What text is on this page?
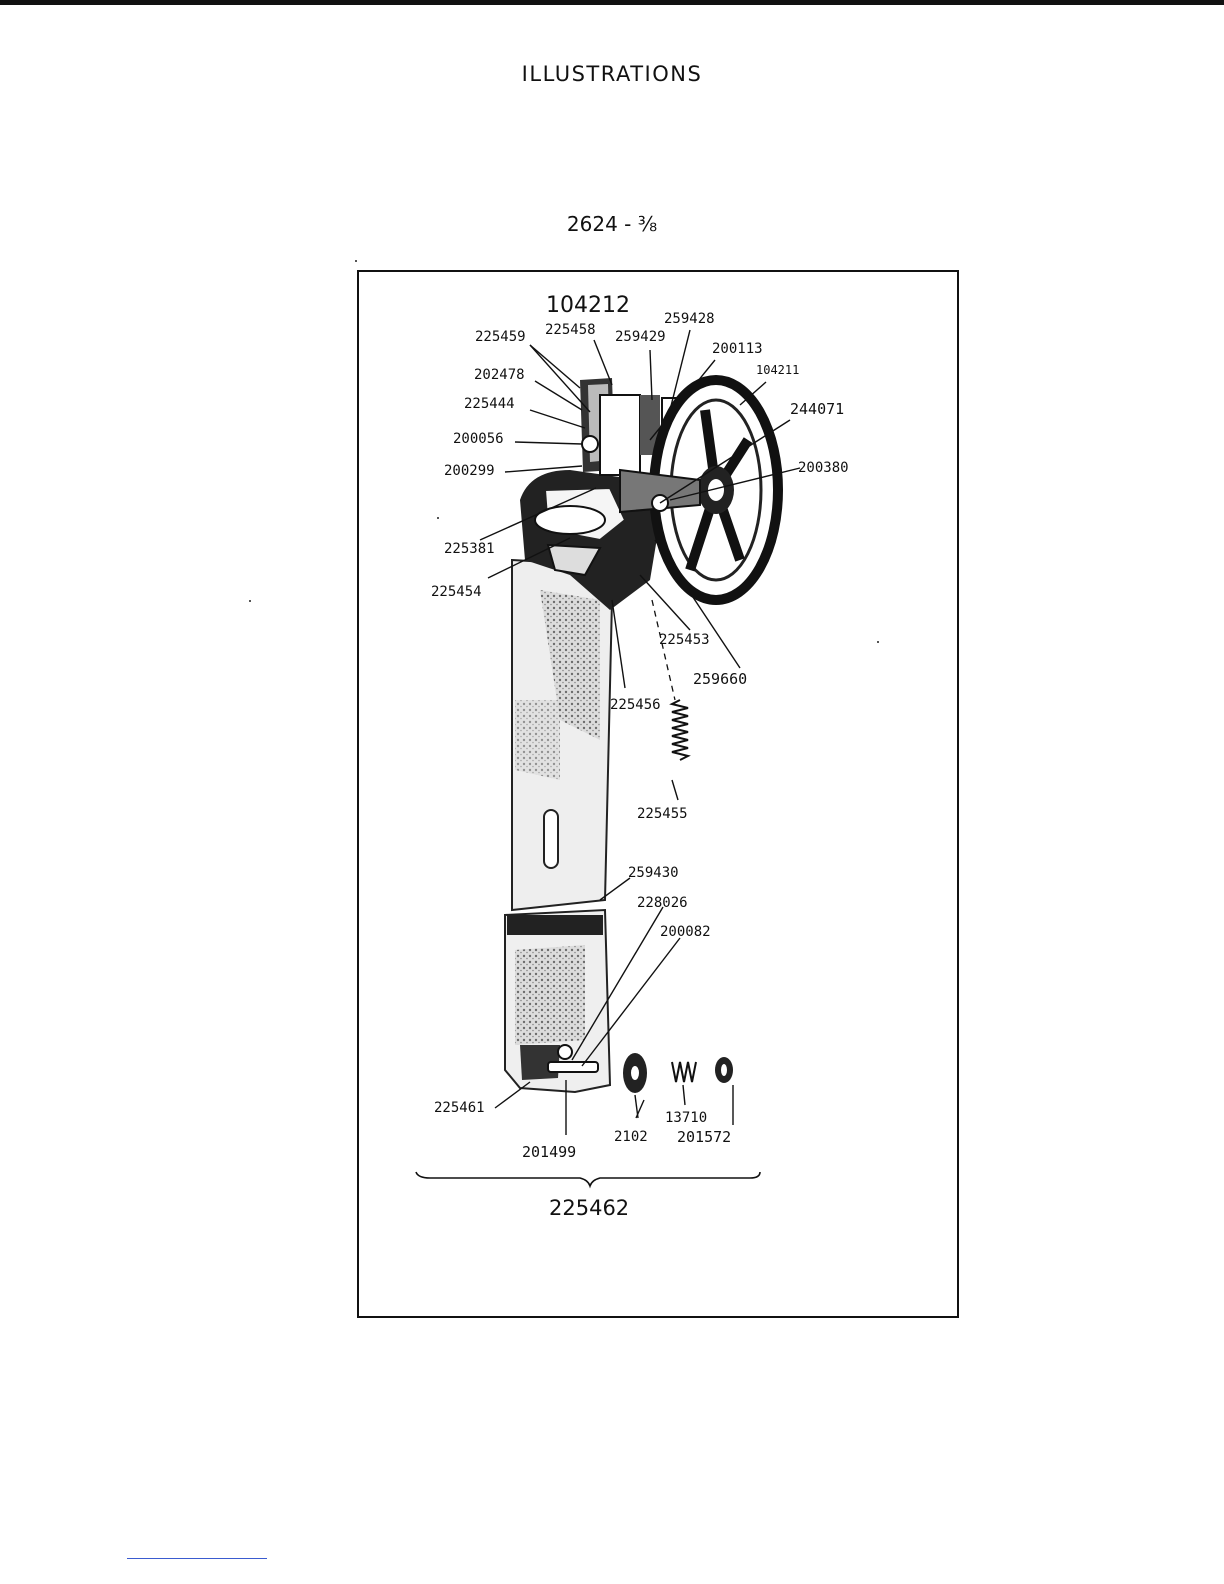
ILLUSTRATIONS
2624 - ⅜
104212
259428
225458 259429
225459
200113
104211
202478
225444	244071
200056
200380
200299
225381
225454
225453
259660
225456
225455
259430
228026
200082
225461
13710
2102 201572
201499
225462
